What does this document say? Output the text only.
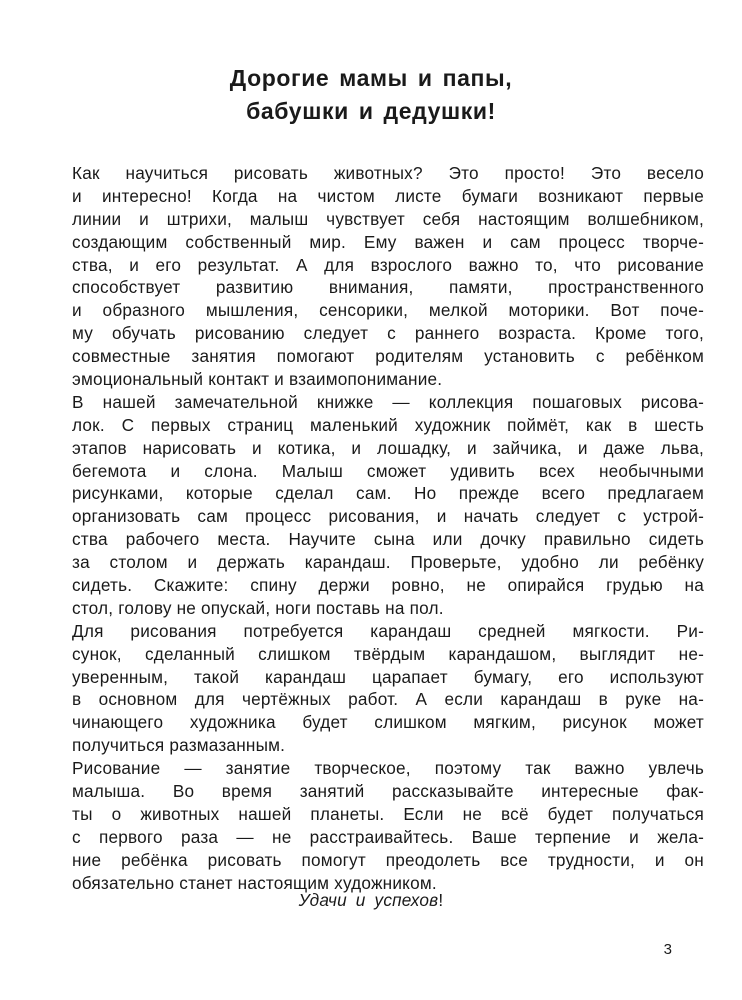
Дорогие мамы и папы,
бабушки и дедушки!
Как научиться рисовать животных? Это просто! Это весело
и интересно! Когда на чистом листе бумаги возникают первые
линии и штрихи, малыш чувствует себя настоящим волшебником,
создающим собственный мир. Ему важен и сам процесс творче-
ства, и его результат. А для взрослого важно то, что рисование
способствует развитию внимания, памяти, пространственного
и образного мышления, сенсорики, мелкой моторики. Вот поче-
му обучать рисованию следует с раннего возраста. Кроме того,
совместные занятия помогают родителям установить с ребёнком
эмоциональный контакт и взаимопонимание.
В нашей замечательной книжке — коллекция пошаговых рисова-
лок. С первых страниц маленький художник поймёт, как в шесть
этапов нарисовать и котика, и лошадку, и зайчика, и даже льва,
бегемота и слона. Малыш сможет удивить всех необычными
рисунками, которые сделал сам. Но прежде всего предлагаем
организовать сам процесс рисования, и начать следует с устрой-
ства рабочего места. Научите сына или дочку правильно сидеть
за столом и держать карандаш. Проверьте, удобно ли ребёнку
сидеть. Скажите: спину держи ровно, не опирайся грудью на
стол, голову не опускай, ноги поставь на пол.
Для рисования потребуется карандаш средней мягкости. Ри-
сунок, сделанный слишком твёрдым карандашом, выглядит не-
уверенным, такой карандаш царапает бумагу, его используют
в основном для чертёжных работ. А если карандаш в руке на-
чинающего художника будет слишком мягким, рисунок может
получиться размазанным.
Рисование — занятие творческое, поэтому так важно увлечь
малыша. Во время занятий рассказывайте интересные фак-
ты о животных нашей планеты. Если не всё будет получаться
с первого раза — не расстраивайтесь. Ваше терпение и жела-
ние ребёнка рисовать помогут преодолеть все трудности, и он
обязательно станет настоящим художником.
Удачи и успехов!
3
